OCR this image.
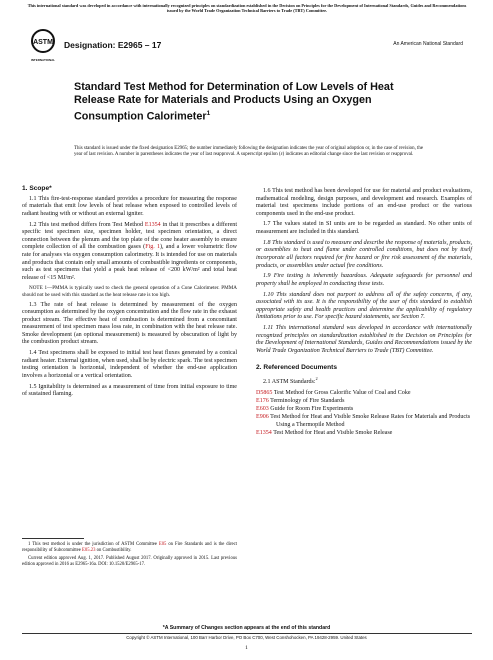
This international standard was developed in accordance with internationally recognized principles on standardization established in the Decision on Principles for the Development of International Standards, Guides and Recommendations issued by the World Trade Organization Technical Barriers to Trade (TBT) Committee.
ASTM
INTERNATIONAL
Designation: E2965 – 17	An American National Standard
Standard Test Method for Determination of Low Levels of Heat Release Rate for Materials and Products Using an Oxygen Consumption Calorimeter$^1$
This standard is issued under the fixed designation E2965; the number immediately following the designation indicates the year of original adoption or, in the case of revision, the year of last revision. A number in parentheses indicates the year of last reapproval. A superscript epsilon (ε) indicates an editorial change since the last revision or reapproval.

1. Scope*

1.1 This fire-test-response standard provides a procedure for measuring the response of materials that emit low levels of heat release when exposed to controlled levels of radiant heating with or without an external igniter.

1.2 This test method differs from Test Method E1354 in that it prescribes a different specific test specimen size, specimen holder, test specimen orientation, a direct connection between the plenum and the top plate of the cone heater assembly to ensure complete collection of all the combustion gases (Fig. 1), and a lower volumetric flow rate for analyses via oxygen consumption calorimetry. It is intended for use on materials and products that contain only small amounts of combustible ingredients or components, such as test specimens that yield a peak heat release of <200 kW/m² and total heat release of <15 MJ/m².

NOTE 1—PMMA is typically used to check the general operation of a Cone Calorimeter. PMMA should not be used with this standard as the heat release rate is too high.

1.3 The rate of heat release is determined by measurement of the oxygen consumption as determined by the oxygen concentration and the flow rate in the exhaust product stream. The effective heat of combustion is determined from a concomitant measurement of test specimen mass loss rate, in combination with the heat release rate. Smoke development (an optional measurement) is measured by obscuration of light by the combustion product stream.

1.4 Test specimens shall be exposed to initial test heat fluxes generated by a conical radiant heater. External ignition, when used, shall be by electric spark. The test specimen testing orientation is horizontal, independent of whether the end-use application involves a horizontal or a vertical orientation.

1.5 Ignitability is determined as a measurement of time from initial exposure to time of sustained flaming.

1.6 This test method has been developed for use for material and product evaluations, mathematical modeling, design purposes, and development and research. Examples of material test specimens include portions of an end-use product or the various components used in the end-use product.

1.7 The values stated in SI units are to be regarded as standard. No other units of measurement are included in this standard.

1.8 This standard is used to measure and describe the response of materials, products, or assemblies to heat and flame under controlled conditions, but does not by itself incorporate all factors required for fire hazard or fire risk assessment of the materials, products, or assemblies under actual fire conditions.

1.9 Fire testing is inherently hazardous. Adequate safeguards for personnel and property shall be employed in conducting these tests.

1.10 This standard does not purport to address all of the safety concerns, if any, associated with its use. It is the responsibility of the user of this standard to establish appropriate safety and health practices and determine the applicability of regulatory limitations prior to use. For specific hazard statements, see Section 7.

1.11 This international standard was developed in accordance with internationally recognized principles on standardization established in the Decision on Principles for the Development of International Standards, Guides and Recommendations issued by the World Trade Organization Technical Barriers to Trade (TBT) Committee.

2. Referenced Documents

2.1 ASTM Standards:$^2$

D5865 Test Method for Gross Calorific Value of Coal and Coke
E176 Terminology of Fire Standards
E603 Guide for Room Fire Experiments
E906 Test Method for Heat and Visible Smoke Release Rates for Materials and Products Using a Thermopile Method
E1354 Test Method for Heat and Visible Smoke Release

1 This test method is under the jurisdiction of ASTM Committee E05 on Fire Standards and is the direct responsibility of Subcommittee E05.23 on Combustibility.

Current edition approved Aug. 1, 2017. Published August 2017. Originally approved in 2015. Last previous edition approved in 2016 as E2965-16a. DOI: 10.1520/E2965-17.

*A Summary of Changes section appears at the end of this standard
Copyright © ASTM International, 100 Barr Harbor Drive, PO Box C700, West Conshohocken, PA 19428-2959. United States
1
